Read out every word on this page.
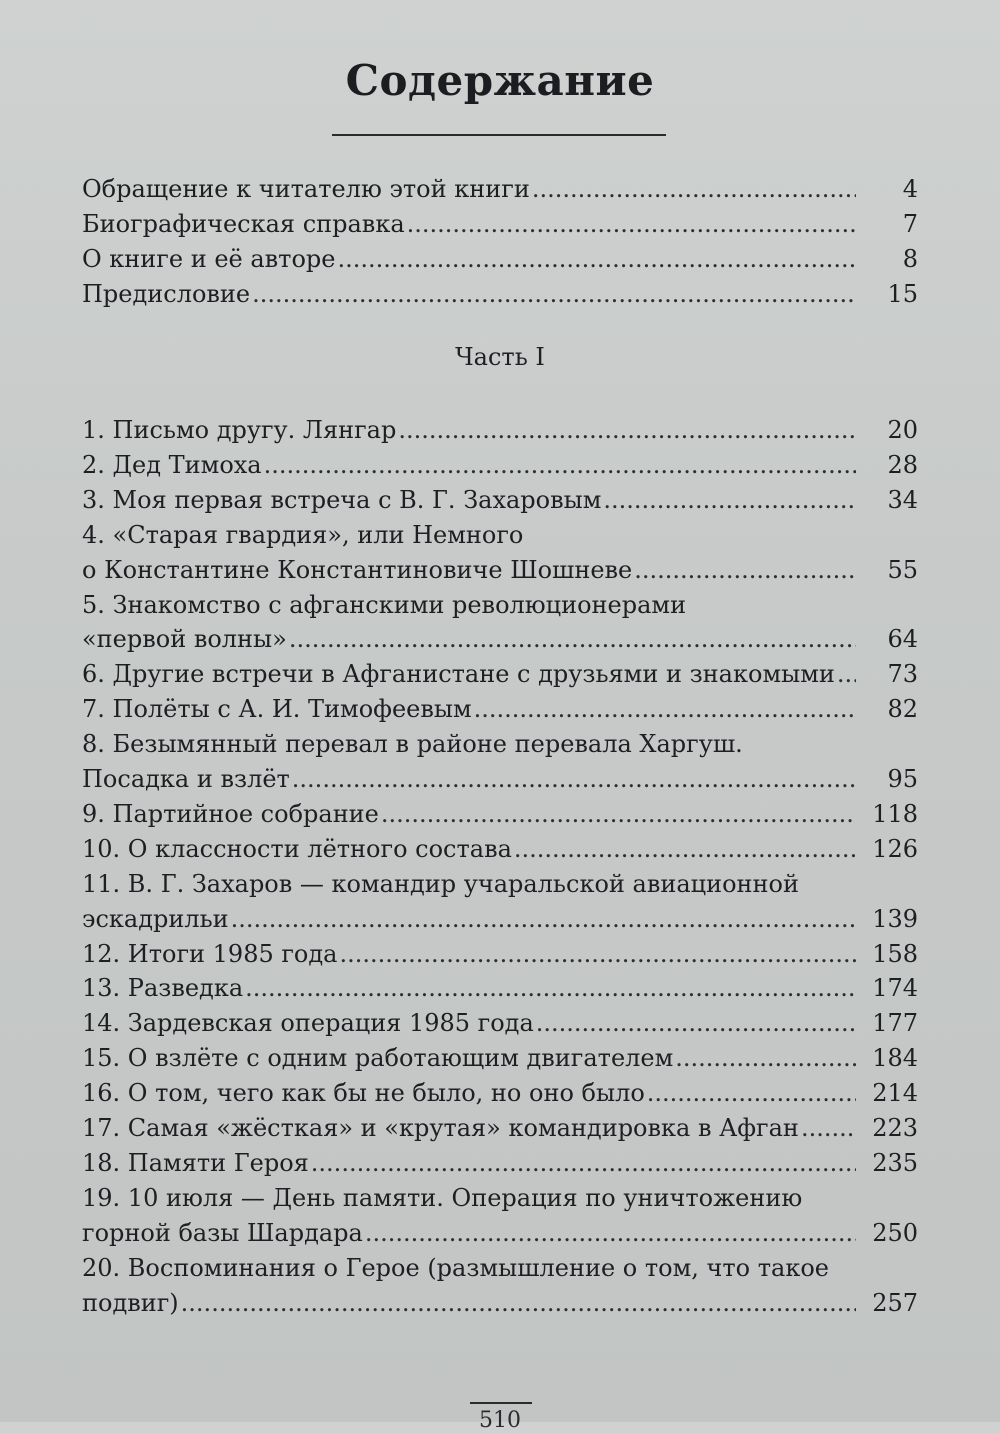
Содержание
Обращение к читателю этой книги .....	4
Биографическая справка .....	7
О книге и её авторе .....	8
Предисловие .....	15
1. Письмо другу. Лянгар .....	20
2. Дед Тимоха .....	28
3. Моя первая встреча с В. Г. Захаровым .....	34
4. «Старая гвардия», или Немного
о Константине Константиновиче Шошневе .....	55
5. Знакомство с афганскими революционерами
«первой волны» .....	64
6. Другие встречи в Афганистане с друзьями и знакомыми .....	73
7. Полёты с А. И. Тимофеевым .....	82
8. Безымянный перевал в районе перевала Харгуш.
Посадка и взлёт .....	95
9. Партийное собрание .....	118
10. О классности лётного состава .....	126
11. В. Г. Захаров — командир учаральской авиационной
эскадрильи .....	139
12. Итоги 1985 года .....	158
13. Разведка .....	174
14. Зардевская операция 1985 года .....	177
15. О взлёте с одним работающим двигателем .....	184
16. О том, чего как бы не было, но оно было .....	214
17. Самая «жёсткая» и «крутая» командировка в Афган .....	223
18. Памяти Героя .....	235
19. 10 июля — День памяти. Операция по уничтожению
горной базы Шардара .....	250
20. Воспоминания о Герое (размышление о том, что такое
подвиг) .....	257
Часть I
510
